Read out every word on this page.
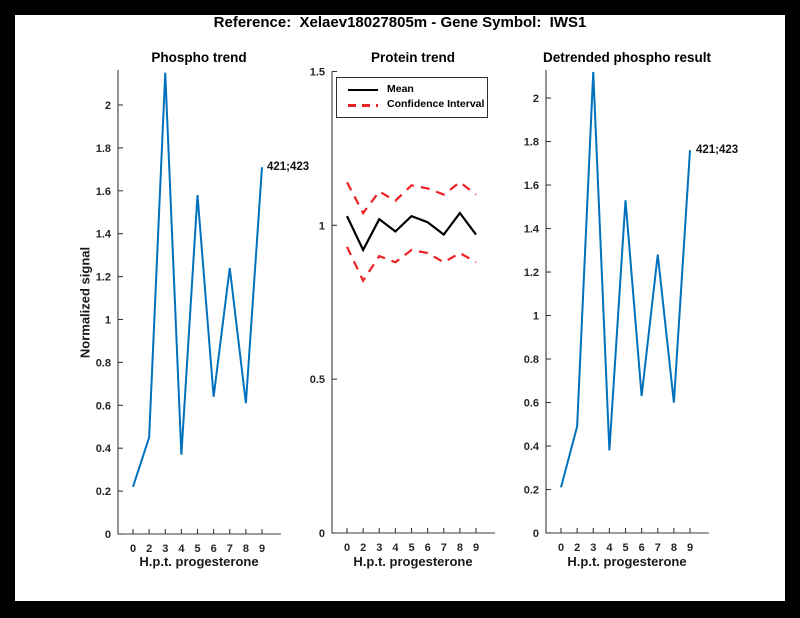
0
0.2
0.4
0.6
0.8
1
1.2
1.4
1.6
1.8
2
0 2 3 4 5 6 7 8 9
0
0.5
1
1.5
0 2 3 4 5 6 7 8 9
0
0.2
0.4
0.6
0.8
1
1.2
1.4
1.6
1.8
2
0 2 3 4 5 6 7 8 9
Reference:  Xelaev18027805m - Gene Symbol:  IWS1
Phospho trend	Protein trend	Detrended phospho result
Normalized signal
H.p.t. progesterone	H.p.t. progesterone	H.p.t. progesterone
421;423
421;423
Mean
Confidence Interval
